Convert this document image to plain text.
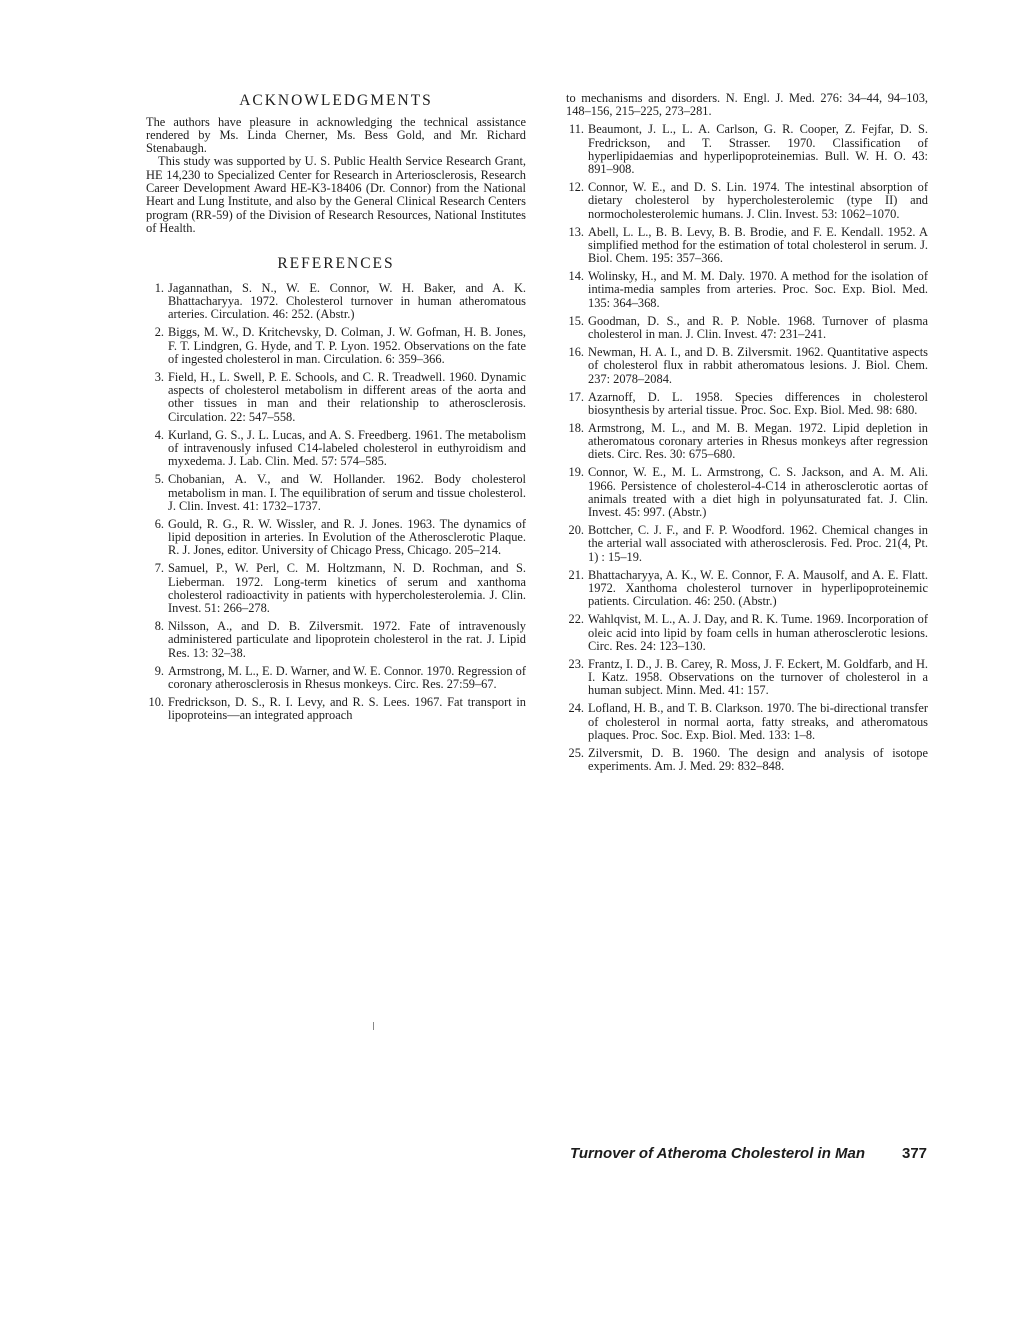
ACKNOWLEDGMENTS

The authors have pleasure in acknowledging the technical assistance rendered by Ms. Linda Cherner, Ms. Bess Gold, and Mr. Richard Stenabaugh.

This study was supported by U. S. Public Health Service Research Grant, HE 14,230 to Specialized Center for Research in Arteriosclerosis, Research Career Development Award HE-K3-18406 (Dr. Connor) from the National Heart and Lung Institute, and also by the General Clinical Research Centers program (RR-59) of the Division of Research Resources, National Institutes of Health.

REFERENCES
1. Jagannathan, S. N., W. E. Connor, W. H. Baker, and A. K. Bhattacharyya. 1972. Cholesterol turnover in human atheromatous arteries. Circulation. 46: 252. (Abstr.)
2. Biggs, M. W., D. Kritchevsky, D. Colman, J. W. Gofman, H. B. Jones, F. T. Lindgren, G. Hyde, and T. P. Lyon. 1952. Observations on the fate of ingested cholesterol in man. Circulation. 6: 359–366.
3. Field, H., L. Swell, P. E. Schools, and C. R. Treadwell. 1960. Dynamic aspects of cholesterol metabolism in different areas of the aorta and other tissues in man and their relationship to atherosclerosis. Circulation. 22: 547–558.
4. Kurland, G. S., J. L. Lucas, and A. S. Freedberg. 1961. The metabolism of intravenously infused C14-labeled cholesterol in euthyroidism and myxedema. J. Lab. Clin. Med. 57: 574–585.
5. Chobanian, A. V., and W. Hollander. 1962. Body cholesterol metabolism in man. I. The equilibration of serum and tissue cholesterol. J. Clin. Invest. 41: 1732–1737.
6. Gould, R. G., R. W. Wissler, and R. J. Jones. 1963. The dynamics of lipid deposition in arteries. In Evolution of the Atherosclerotic Plaque. R. J. Jones, editor. University of Chicago Press, Chicago. 205–214.
7. Samuel, P., W. Perl, C. M. Holtzmann, N. D. Rochman, and S. Lieberman. 1972. Long-term kinetics of serum and xanthoma cholesterol radioactivity in patients with hypercholesterolemia. J. Clin. Invest. 51: 266–278.
8. Nilsson, A., and D. B. Zilversmit. 1972. Fate of intravenously administered particulate and lipoprotein cholesterol in the rat. J. Lipid Res. 13: 32–38.
9. Armstrong, M. L., E. D. Warner, and W. E. Connor. 1970. Regression of coronary atherosclerosis in Rhesus monkeys. Circ. Res. 27:59–67.
10. Fredrickson, D. S., R. I. Levy, and R. S. Lees. 1967. Fat transport in lipoproteins—an integrated approach
to mechanisms and disorders. N. Engl. J. Med. 276: 34–44, 94–103, 148–156, 215–225, 273–281.
11. Beaumont, J. L., L. A. Carlson, G. R. Cooper, Z. Fejfar, D. S. Fredrickson, and T. Strasser. 1970. Classification of hyperlipidaemias and hyperlipoproteinemias. Bull. W. H. O. 43: 891–908.
12. Connor, W. E., and D. S. Lin. 1974. The intestinal absorption of dietary cholesterol by hypercholesterolemic (type II) and normocholesterolemic humans. J. Clin. Invest. 53: 1062–1070.
13. Abell, L. L., B. B. Levy, B. B. Brodie, and F. E. Kendall. 1952. A simplified method for the estimation of total cholesterol in serum. J. Biol. Chem. 195: 357–366.
14. Wolinsky, H., and M. M. Daly. 1970. A method for the isolation of intima-media samples from arteries. Proc. Soc. Exp. Biol. Med. 135: 364–368.
15. Goodman, D. S., and R. P. Noble. 1968. Turnover of plasma cholesterol in man. J. Clin. Invest. 47: 231–241.
16. Newman, H. A. I., and D. B. Zilversmit. 1962. Quantitative aspects of cholesterol flux in rabbit atheromatous lesions. J. Biol. Chem. 237: 2078–2084.
17. Azarnoff, D. L. 1958. Species differences in cholesterol biosynthesis by arterial tissue. Proc. Soc. Exp. Biol. Med. 98: 680.
18. Armstrong, M. L., and M. B. Megan. 1972. Lipid depletion in atheromatous coronary arteries in Rhesus monkeys after regression diets. Circ. Res. 30: 675–680.
19. Connor, W. E., M. L. Armstrong, C. S. Jackson, and A. M. Ali. 1966. Persistence of cholesterol-4-C14 in atherosclerotic aortas of animals treated with a diet high in polyunsaturated fat. J. Clin. Invest. 45: 997. (Abstr.)
20. Bottcher, C. J. F., and F. P. Woodford. 1962. Chemical changes in the arterial wall associated with atherosclerosis. Fed. Proc. 21(4, Pt. 1) : 15–19.
21. Bhattacharyya, A. K., W. E. Connor, F. A. Mausolf, and A. E. Flatt. 1972. Xanthoma cholesterol turnover in hyperlipoproteinemic patients. Circulation. 46: 250. (Abstr.)
22. Wahlqvist, M. L., A. J. Day, and R. K. Tume. 1969. Incorporation of oleic acid into lipid by foam cells in human atherosclerotic lesions. Circ. Res. 24: 123–130.
23. Frantz, I. D., J. B. Carey, R. Moss, J. F. Eckert, M. Goldfarb, and H. I. Katz. 1958. Observations on the turnover of cholesterol in a human subject. Minn. Med. 41: 157.
24. Lofland, H. B., and T. B. Clarkson. 1970. The bi-directional transfer of cholesterol in normal aorta, fatty streaks, and atheromatous plaques. Proc. Soc. Exp. Biol. Med. 133: 1–8.
25. Zilversmit, D. B. 1960. The design and analysis of isotope experiments. Am. J. Med. 29: 832–848.
Turnover of Atheroma Cholesterol in Man 377
